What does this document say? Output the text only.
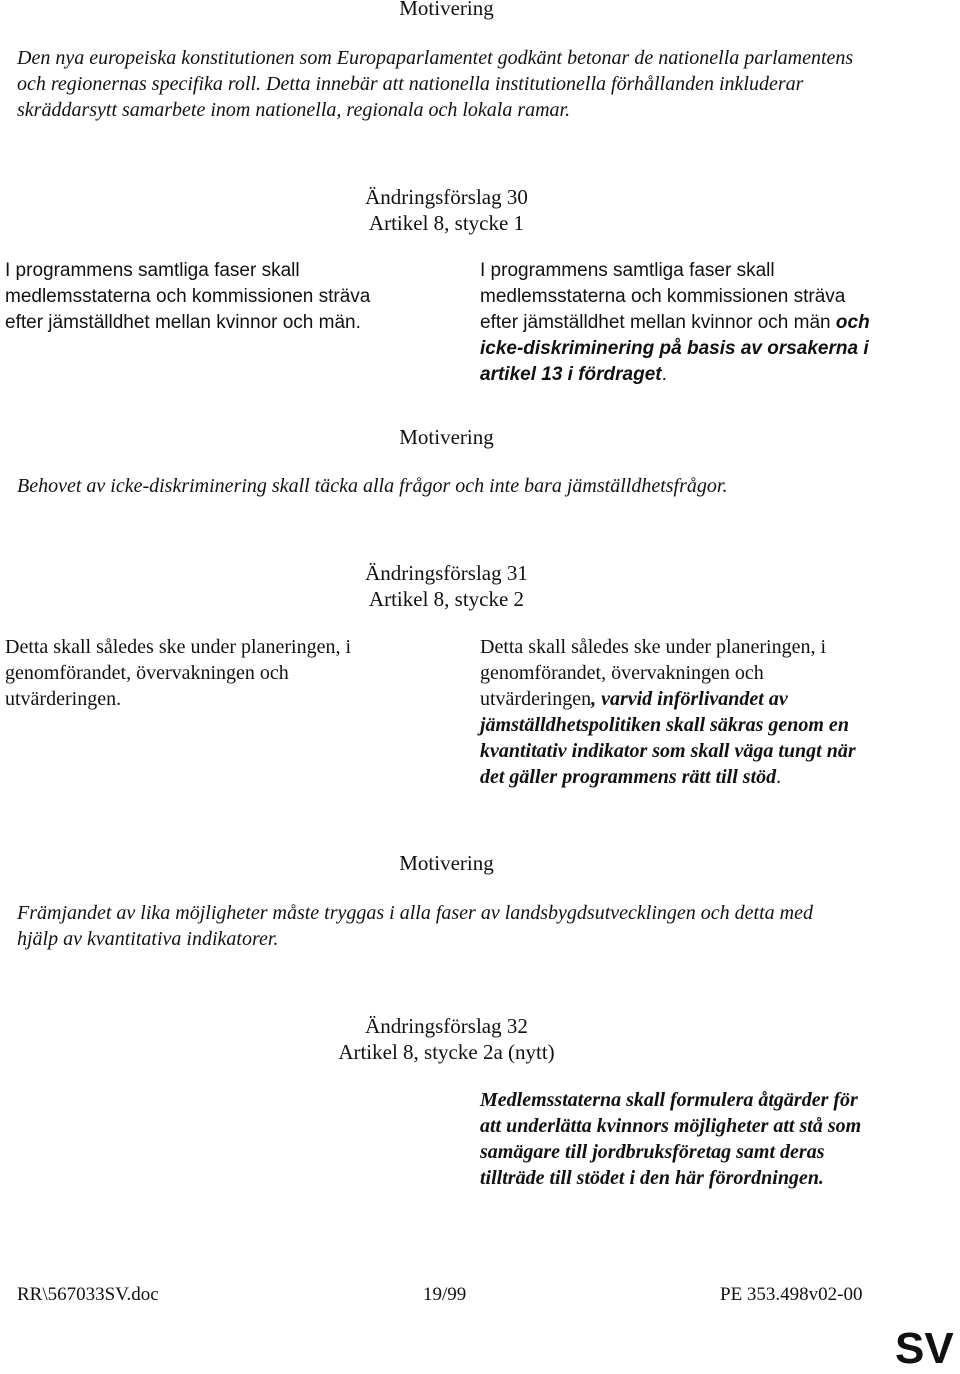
Motivering
Den nya europeiska konstitutionen som Europaparlamentet godkänt betonar de nationella parlamentens och regionernas specifika roll. Detta innebär att nationella institutionella förhållanden inkluderar skräddarsytt samarbete inom nationella, regionala och lokala ramar.
Ändringsförslag 30
Artikel 8, stycke 1
I programmens samtliga faser skall medlemsstaterna och kommissionen sträva efter jämställdhet mellan kvinnor och män.
I programmens samtliga faser skall medlemsstaterna och kommissionen sträva efter jämställdhet mellan kvinnor och män och icke-diskriminering på basis av orsakerna i artikel 13 i fördraget.
Motivering
Behovet av icke-diskriminering skall täcka alla frågor och inte bara jämställdhetsfrågor.
Ändringsförslag 31
Artikel 8, stycke 2
Detta skall således ske under planeringen, i genomförandet, övervakningen och utvärderingen.
Detta skall således ske under planeringen, i genomförandet, övervakningen och utvärderingen, varvid införlivandet av jämställdhetspolitiken skall säkras genom en kvantitativ indikator som skall väga tungt när det gäller programmens rätt till stöd.
Motivering
Främjandet av lika möjligheter måste tryggas i alla faser av landsbygdsutvecklingen och detta med hjälp av kvantitativa indikatorer.
Ändringsförslag 32
Artikel 8, stycke 2a (nytt)
Medlemsstaterna skall formulera åtgärder för att underlätta kvinnors möjligheter att stå som samägare till jordbruksföretag samt deras tillträde till stödet i den här förordningen.
RR\567033SV.doc	19/99	PE 353.498v02-00
SV
